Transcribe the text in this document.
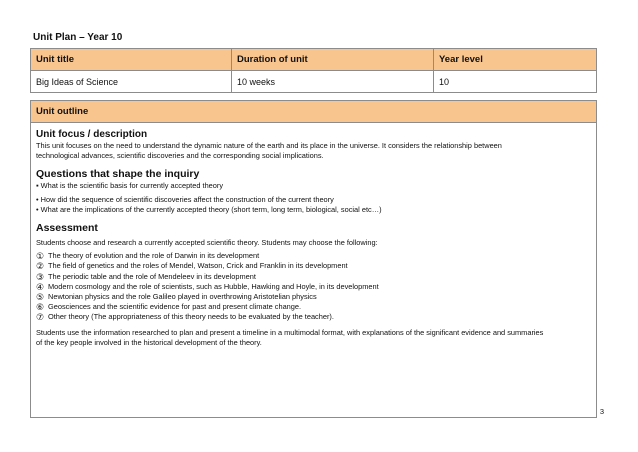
Unit Plan – Year 10
Unit title	Duration of unit	Year level
Big Ideas of Science	10 weeks	10
Unit outline

Unit focus / description
This unit focuses on the need to understand the dynamic nature of the earth and its place in the universe. It considers the relationship between
technological advances, scientific discoveries and the corresponding social implications.
Questions that shape the inquiry
▪ What is the scientific basis for currently accepted theory
• How did the sequence of scientific discoveries affect the construction of the current theory
• What are the implications of the currently accepted theory (short term, long term, biological, social etc…)
Assessment
Students choose and research a currently accepted scientific theory. Students may choose the following:
① The theory of evolution and the role of Darwin in its development
② The field of genetics and the roles of Mendel, Watson, Crick and Franklin in its development
③ The periodic table and the role of Mendeleev in its development
④ Modern cosmology and the role of scientists, such as Hubble, Hawking and Hoyle, in its development
⑤ Newtonian physics and the role Galileo played in overthrowing Aristotelian physics
⑥ Geosciences and the scientific evidence for past and present climate change.
⑦ Other theory (The appropriateness of this theory needs to be evaluated by the teacher).
Students use the information researched to plan and present a timeline in a multimodal format, with explanations of the significant evidence and summaries
of the key people involved in the historical development of the theory.
3
